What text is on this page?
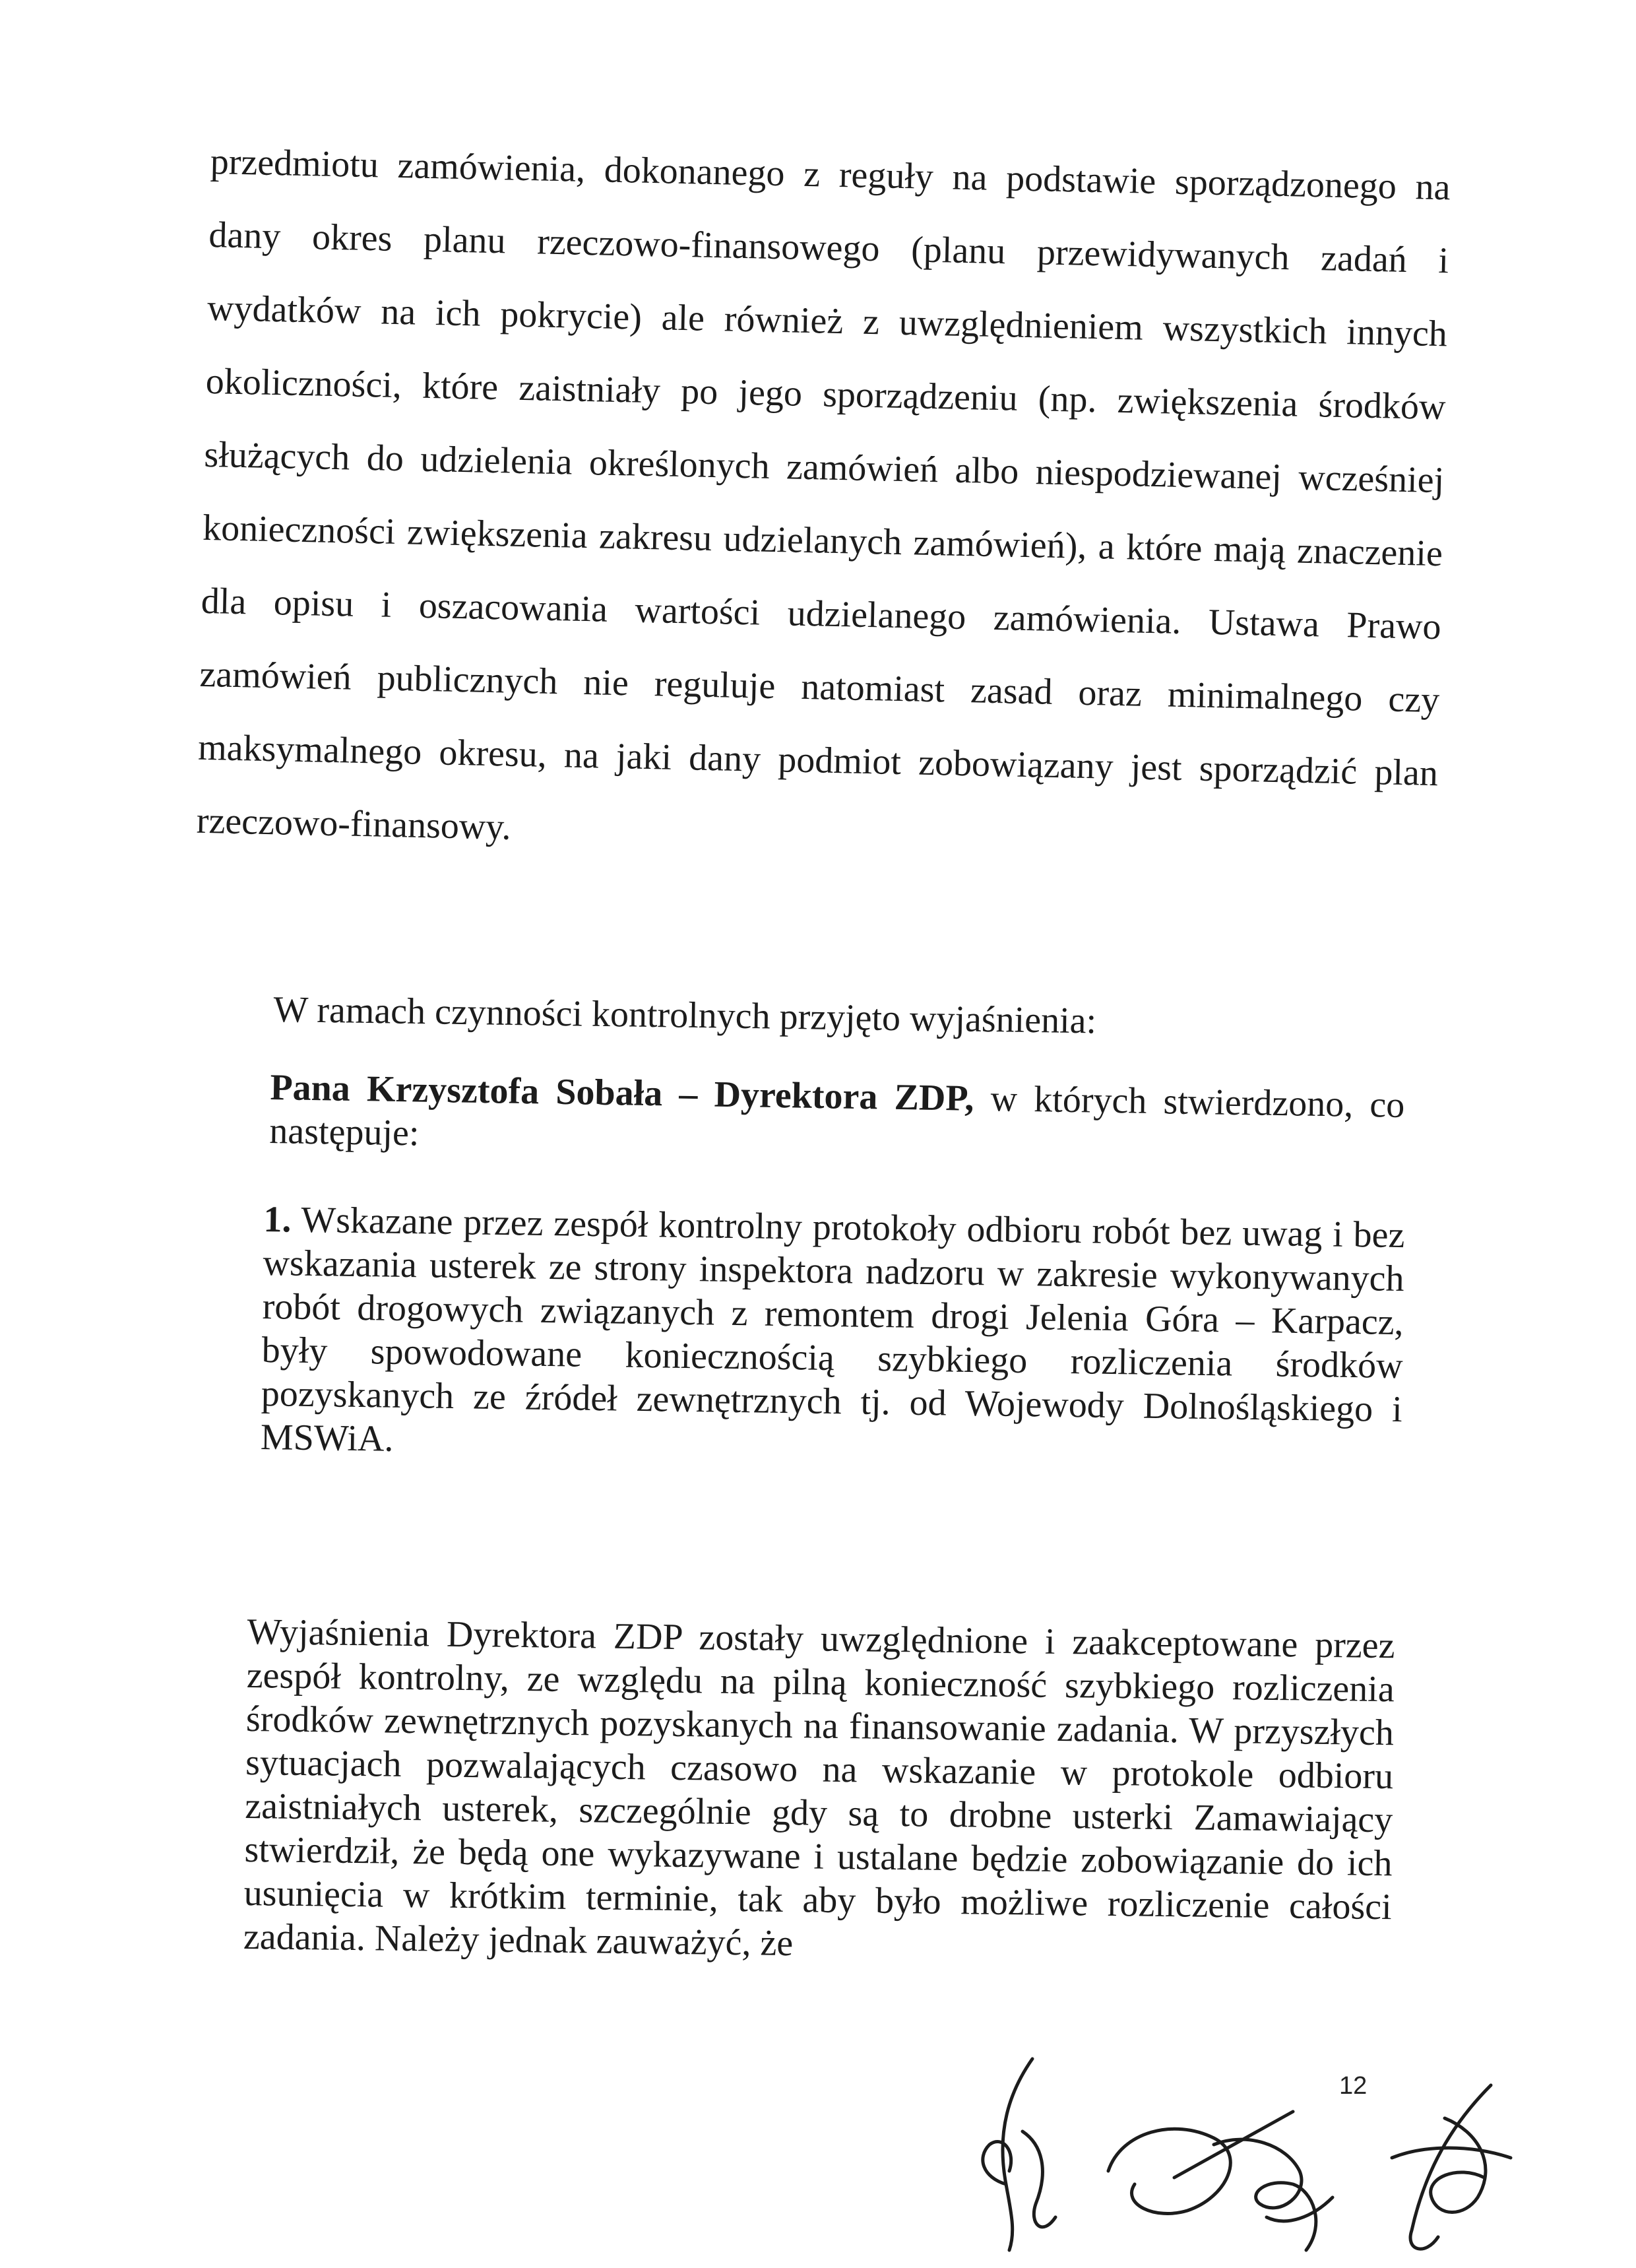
przedmiotu zamówienia, dokonanego z reguły na podstawie sporządzonego na dany okres planu rzeczowo-finansowego (planu przewidywanych zadań i wydatków na ich pokrycie) ale również z uwzględnieniem wszystkich innych okoliczności, które zaistniały po jego sporządzeniu (np. zwiększenia środków służących do udzielenia określonych zamówień albo niespodziewanej wcześniej konieczności zwiększenia zakresu udzielanych zamówień), a które mają znaczenie dla opisu i oszacowania wartości udzielanego zamówienia. Ustawa Prawo zamówień publicznych nie reguluje natomiast zasad oraz minimalnego czy maksymalnego okresu, na jaki dany podmiot zobowiązany jest sporządzić plan rzeczowo-finansowy.
W ramach czynności kontrolnych przyjęto wyjaśnienia:
Pana Krzysztofa Sobała – Dyrektora ZDP, w których stwierdzono, co następuje:
1. Wskazane przez zespół kontrolny protokoły odbioru robót bez uwag i bez wskazania usterek ze strony inspektora nadzoru w zakresie wykonywanych robót drogowych związanych z remontem drogi Jelenia Góra – Karpacz, były spowodowane koniecznością szybkiego rozliczenia środków pozyskanych ze źródeł zewnętrznych tj. od Wojewody Dolnośląskiego i MSWiA.
Wyjaśnienia Dyrektora ZDP zostały uwzględnione i zaakceptowane przez zespół kontrolny, ze względu na pilną konieczność szybkiego rozliczenia środków zewnętrznych pozyskanych na finansowanie zadania. W przyszłych sytuacjach pozwalających czasowo na wskazanie w protokole odbioru zaistniałych usterek, szczególnie gdy są to drobne usterki Zamawiający stwierdził, że będą one wykazywane i ustalane będzie zobowiązanie do ich usunięcia w krótkim terminie, tak aby było możliwe rozliczenie całości zadania. Należy jednak zauważyć, że
12
